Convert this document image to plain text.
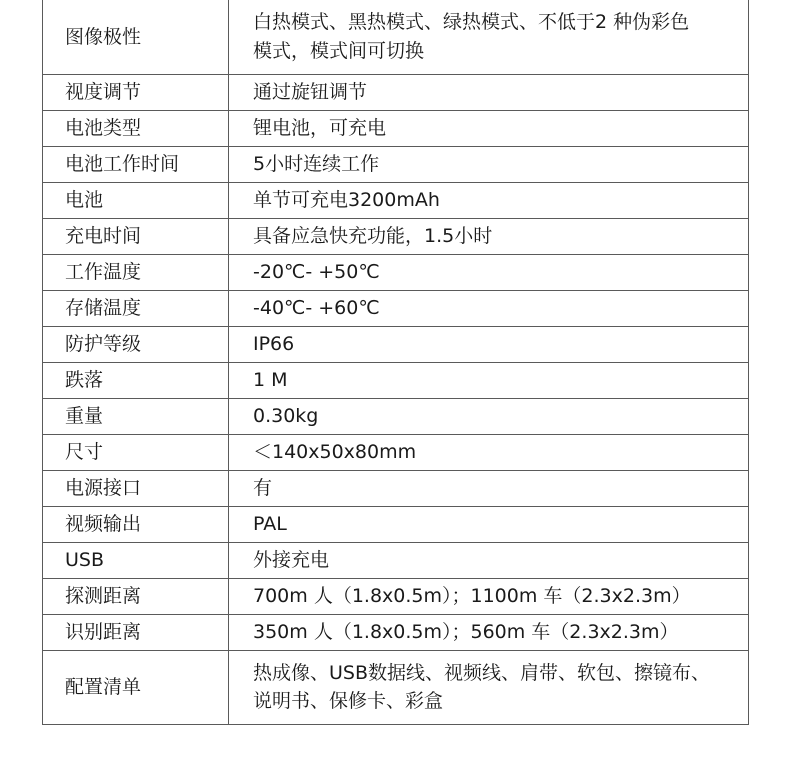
图像极性	白热模式、黑热模式、绿热模式、不低于2 种伪彩色
模式，模式间可切换

视度调节	通过旋钮调节
电池类型	锂电池，可充电
电池工作时间	5小时连续工作
电池	单节可充电3200mAh
充电时间	具备应急快充功能，1.5小时
工作温度	-20℃- +50℃
存储温度	-40℃- +60℃
防护等级	IP66
跌落	1 M
重量	0.30kg
尺寸	＜140x50x80mm
电源接口	有
视频输出	PAL
USB	外接充电
探测距离	700m 人（1.8x0.5m）；1100m 车（2.3x2.3m）
识别距离	350m 人（1.8x0.5m）；560m 车（2.3x2.3m）
配置清单	热成像、USB数据线、视频线、肩带、软包、擦镜布、
说明书、保修卡、彩盒
